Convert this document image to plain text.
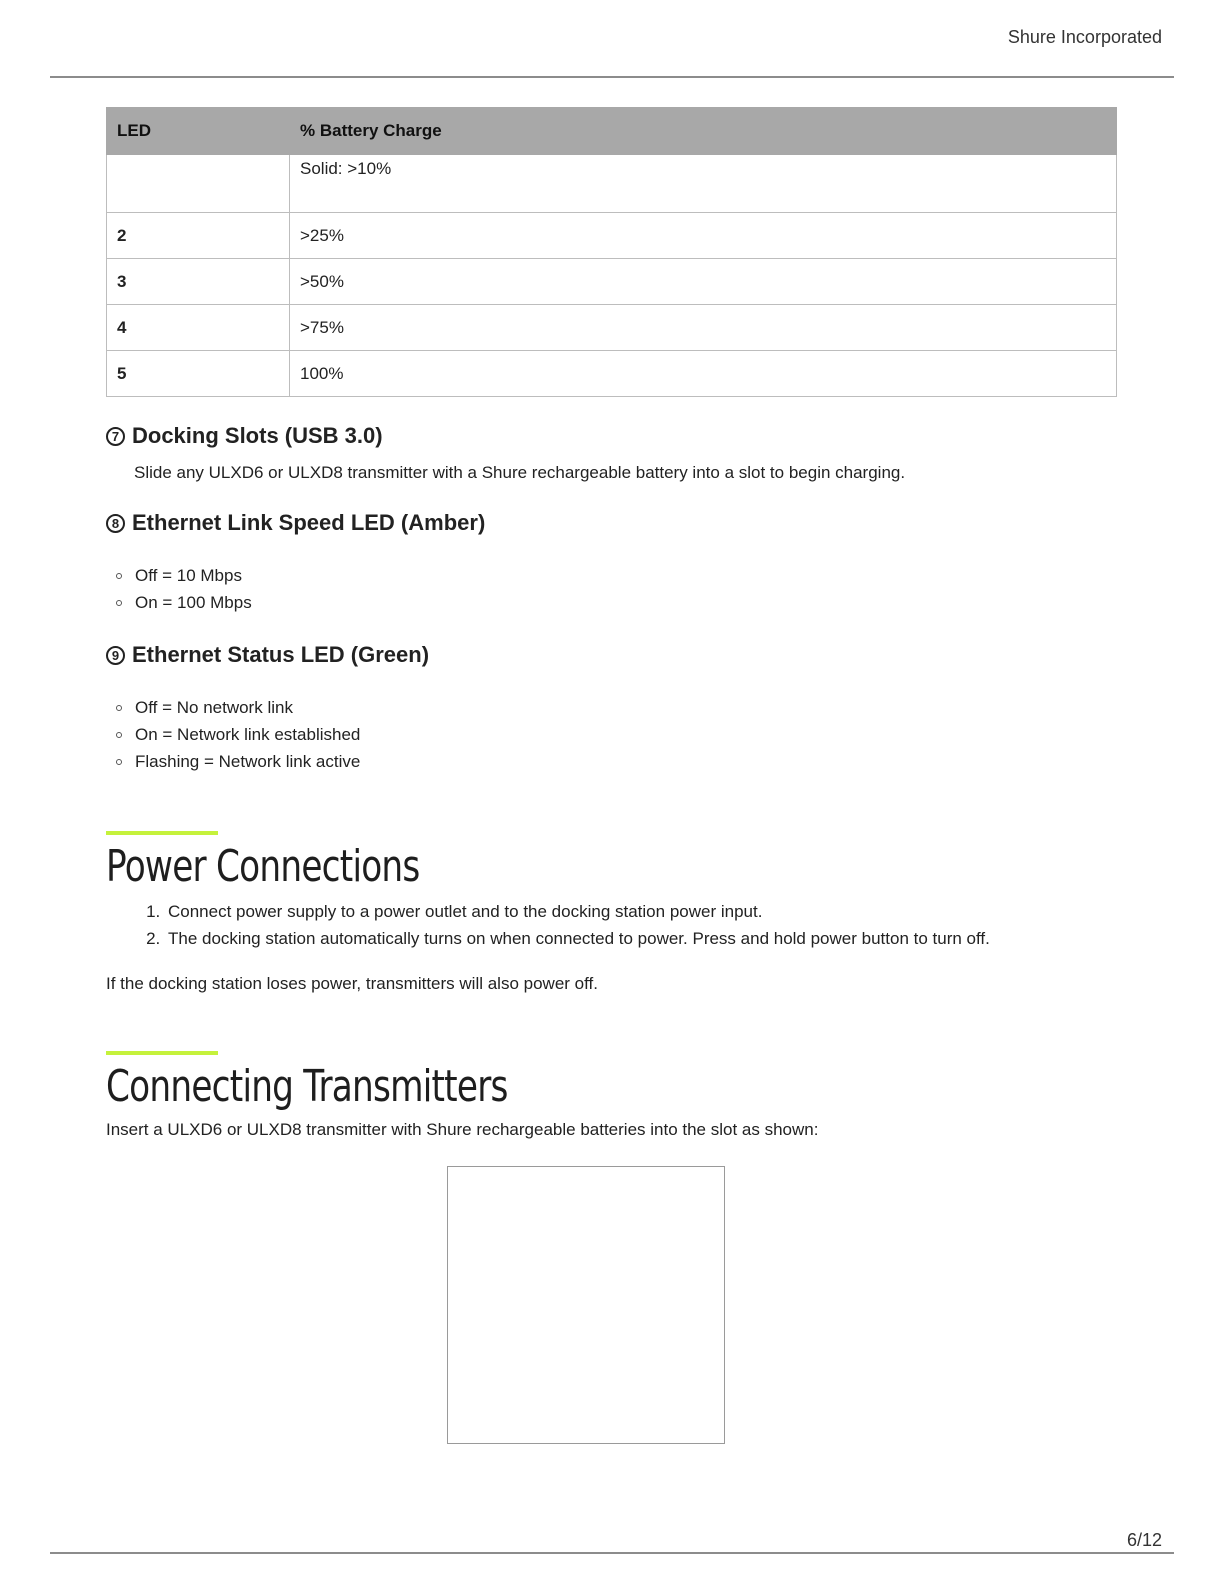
Shure Incorporated
LED	% Battery Charge
	Solid: >10%
2	>25%
3	>50%
4	>75%
5	100%
7 Docking Slots (USB 3.0)

Slide any ULXD6 or ULXD8 transmitter with a Shure rechargeable battery into a slot to begin charging.

8 Ethernet Link Speed LED (Amber)
Off = 10 Mbps
On = 100 Mbps
9 Ethernet Status LED (Green)
Off = No network link
On = Network link established
Flashing = Network link active
Power Connections
1. Connect power supply to a power outlet and to the docking station power input.
2. The docking station automatically turns on when connected to power. Press and hold power button to turn off.

If the docking station loses power, transmitters will also power off.

Connecting Transmitters

Insert a ULXD6 or ULXD8 transmitter with Shure rechargeable batteries into the slot as shown:

6/12
